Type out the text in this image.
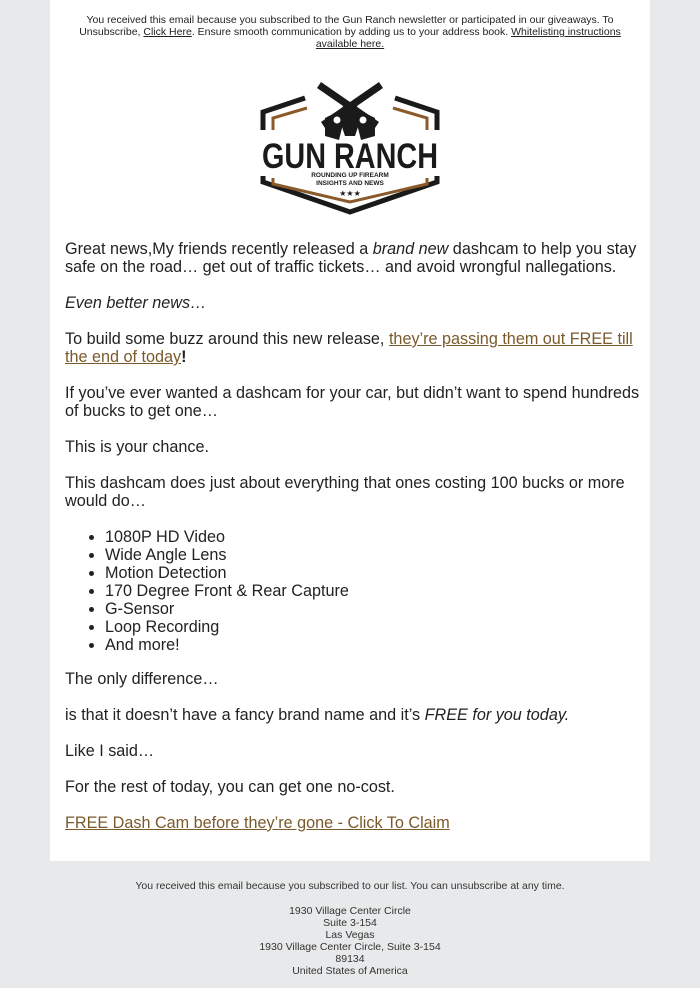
You received this email because you subscribed to the Gun Ranch newsletter or participated in our giveaways. To Unsubscribe, Click Here. Ensure smooth communication by adding us to your address book. Whitelisting instructions available here.
GUN RANCH
ROUNDING UP FIREARM
INSIGHTS AND NEWS
★★★

Great news,My friends recently released a brand new dashcam to help you stay safe on the road… get out of traffic tickets… and avoid wrongful nallegations.

Even better news…

To build some buzz around this new release, they’re passing them out FREE till the end of today!

If you’ve ever wanted a dashcam for your car, but didn’t want to spend hundreds of bucks to get one…

This is your chance.

This dashcam does just about everything that ones costing 100 bucks or more would do…

• 1080P HD Video
• Wide Angle Lens
• Motion Detection
• 170 Degree Front & Rear Capture
• G-Sensor
• Loop Recording
• And more!

The only difference…

is that it doesn’t have a fancy brand name and it’s FREE for you today.

Like I said…

For the rest of today, you can get one no-cost.

FREE Dash Cam before they’re gone - Click To Claim

You received this email because you subscribed to our list. You can unsubscribe at any time.
1930 Village Center Circle
Suite 3-154
Las Vegas
1930 Village Center Circle, Suite 3-154
89134
United States of America
